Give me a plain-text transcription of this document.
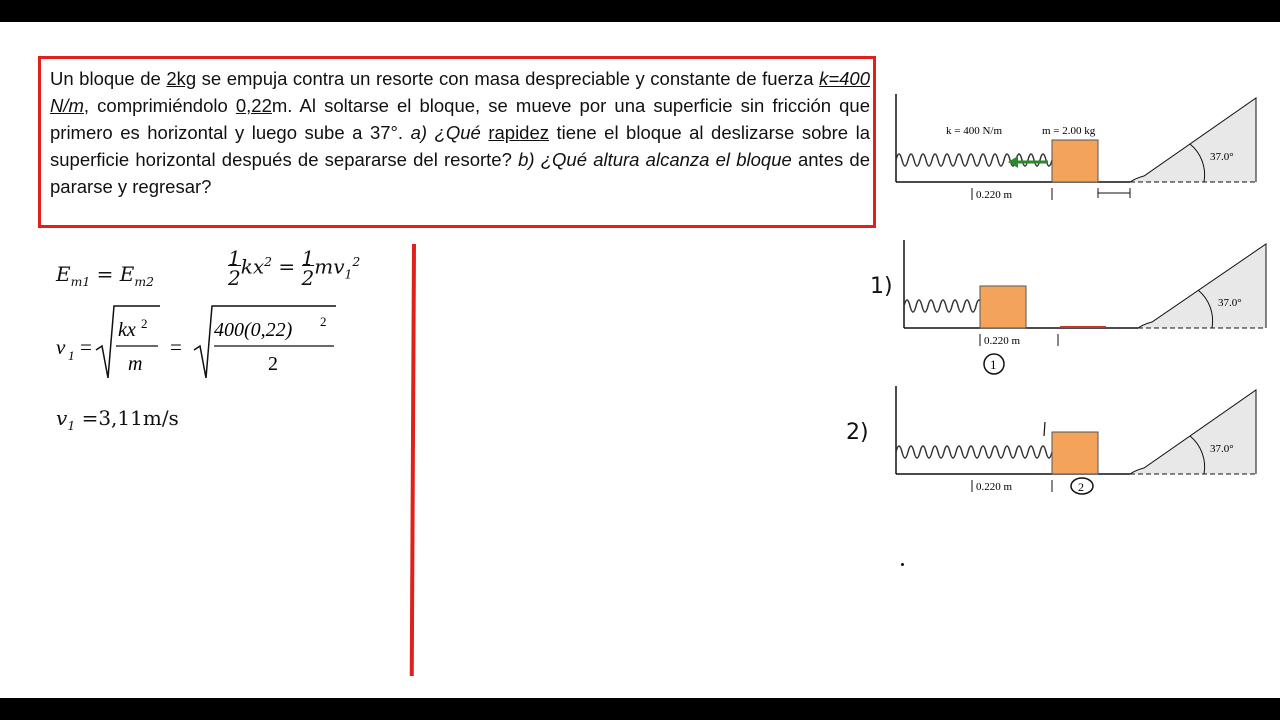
Un bloque de 2kg se empuja contra un resorte con masa despreciable y constante de fuerza k=400 N/m, comprimiéndolo 0,22m. Al soltarse el bloque, se mueve por una superficie sin fricción que primero es horizontal y luego sube a 37°. a) ¿Qué rapidez tiene el bloque al deslizarse sobre la superficie horizontal después de separarse del resorte? b) ¿Qué altura alcanza el bloque antes de pararse y regresar?
$E_{m1} = E_{m2}$	$\frac{1}{2}kx^2 = \frac{1}{2}mv_1^2$
v 1 =
kx 2
m
=
400(0,22) 2
2
$v_1 =3,11m/s$
k = 400 N/m	m = 2.00 kg
37.0°
0.220 m
1)
37.0°
0.220 m
1
2)
37.0°
0.220 m	2
